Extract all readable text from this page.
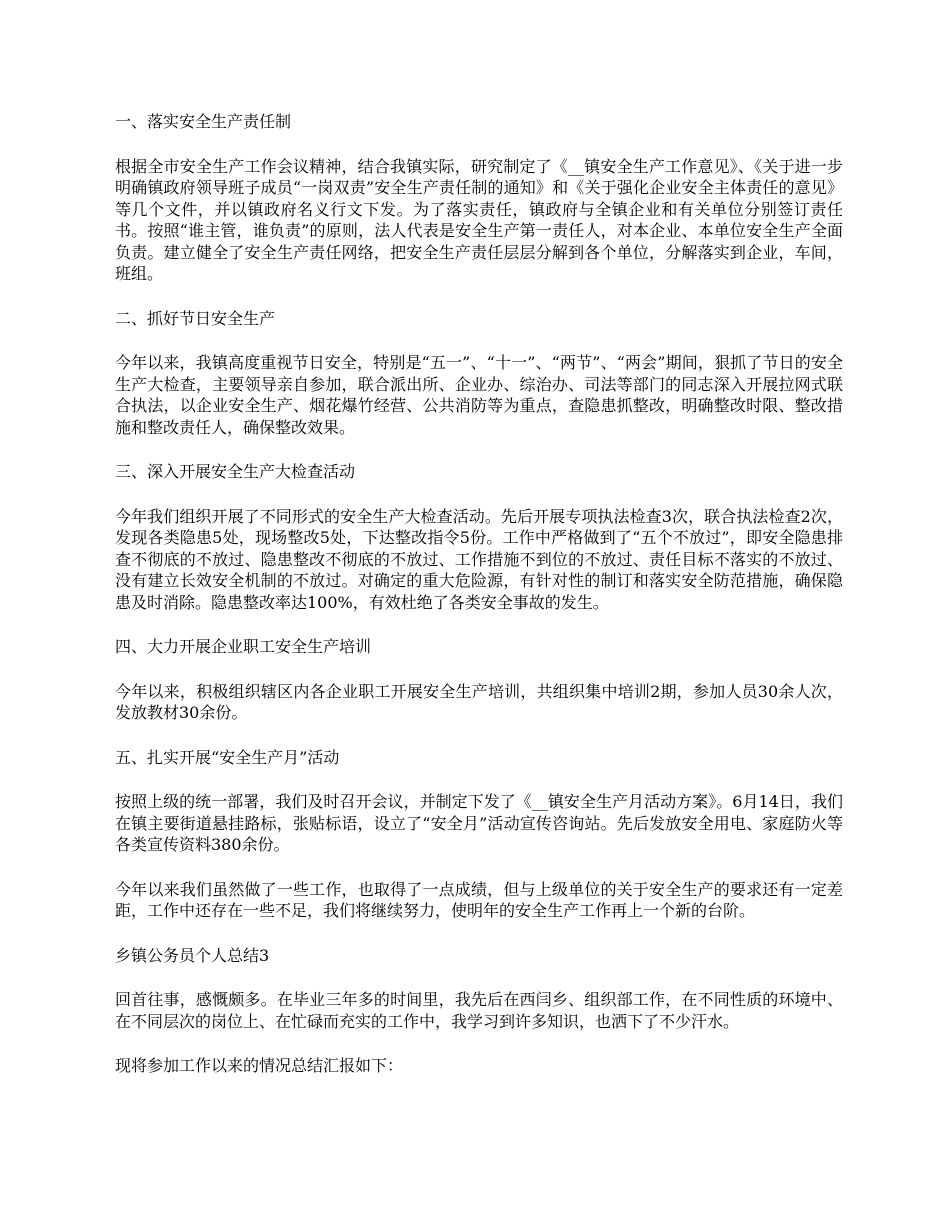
一、落实安全生产责任制

根据全市安全生产工作会议精神，结合我镇实际，研究制定了《__镇安全生产工作意见》、《关于进一步明确镇政府领导班子成员“一岗双责”安全生产责任制的通知》和《关于强化企业安全主体责任的意见》等几个文件，并以镇政府名义行文下发。为了落实责任，镇政府与全镇企业和有关单位分别签订责任书。按照“谁主管，谁负责”的原则，法人代表是安全生产第一责任人，对本企业、本单位安全生产全面负责。建立健全了安全生产责任网络，把安全生产责任层层分解到各个单位，分解落实到企业，车间，班组。

二、抓好节日安全生产

今年以来，我镇高度重视节日安全，特别是“五一”、“十一”、“两节”、“两会”期间，狠抓了节日的安全生产大检查，主要领导亲自参加，联合派出所、企业办、综治办、司法等部门的同志深入开展拉网式联合执法，以企业安全生产、烟花爆竹经营、公共消防等为重点，查隐患抓整改，明确整改时限、整改措施和整改责任人，确保整改效果。

三、深入开展安全生产大检查活动

今年我们组织开展了不同形式的安全生产大检查活动。先后开展专项执法检查3次，联合执法检查2次，发现各类隐患5处，现场整改5处，下达整改指令5份。工作中严格做到了“五个不放过”，即安全隐患排查不彻底的不放过、隐患整改不彻底的不放过、工作措施不到位的不放过、责任目标不落实的不放过、没有建立长效安全机制的不放过。对确定的重大危险源，有针对性的制订和落实安全防范措施，确保隐患及时消除。隐患整改率达100%，有效杜绝了各类安全事故的发生。

四、大力开展企业职工安全生产培训

今年以来，积极组织辖区内各企业职工开展安全生产培训，共组织集中培训2期，参加人员30余人次，发放教材30余份。

五、扎实开展“安全生产月”活动

按照上级的统一部署，我们及时召开会议，并制定下发了《__镇安全生产月活动方案》。6月14日，我们在镇主要街道悬挂路标，张贴标语，设立了“安全月”活动宣传咨询站。先后发放安全用电、家庭防火等各类宣传资料380余份。

今年以来我们虽然做了一些工作，也取得了一点成绩，但与上级单位的关于安全生产的要求还有一定差距，工作中还存在一些不足，我们将继续努力，使明年的安全生产工作再上一个新的台阶。

乡镇公务员个人总结3

回首往事，感慨颇多。在毕业三年多的时间里，我先后在西闫乡、组织部工作，在不同性质的环境中、在不同层次的岗位上、在忙碌而充实的工作中，我学习到许多知识，也洒下了不少汗水。

现将参加工作以来的情况总结汇报如下：
